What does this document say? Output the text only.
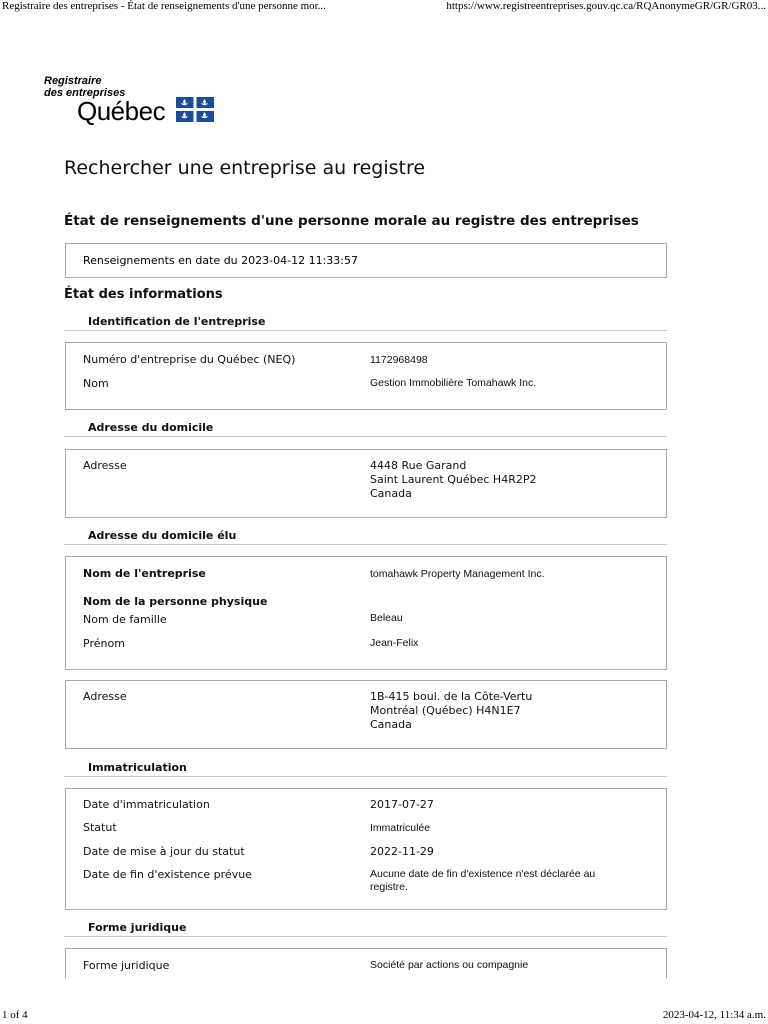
Registraire des entreprises - État de renseignements d'une personne mor...	https://www.registreentreprises.gouv.qc.ca/RQAnonymeGR/GR/GR03...
Registraire
des entreprises
Québec
Rechercher une entreprise au registre
État de renseignements d'une personne morale au registre des entreprises
Renseignements en date du 2023-04-12 11:33:57
État des informations
Identification de l'entreprise
Numéro d'entreprise du Québec (NEQ)	1172968498
Nom	Gestion Immobilière Tomahawk Inc.
Adresse du domicile
Adresse	4448 Rue Garand
Saint Laurent Québec H4R2P2
Canada
Adresse du domicile élu
Nom de l'entreprise	tomahawk Property Management Inc.
Nom de la personne physique
Nom de famille	Beleau
Prénom	Jean-Felix
Adresse	1B-415 boul. de la Côte-Vertu
Montréal (Québec) H4N1E7
Canada
Immatriculation
Date d'immatriculation	2017-07-27
Statut	Immatriculée
Date de mise à jour du statut	2022-11-29
Date de fin d'existence prévue	Aucune date de fin d'existence n'est déclarée au
registre.
Forme juridique
Forme juridique	Société par actions ou compagnie
1 of 4	2023-04-12, 11:34 a.m.
